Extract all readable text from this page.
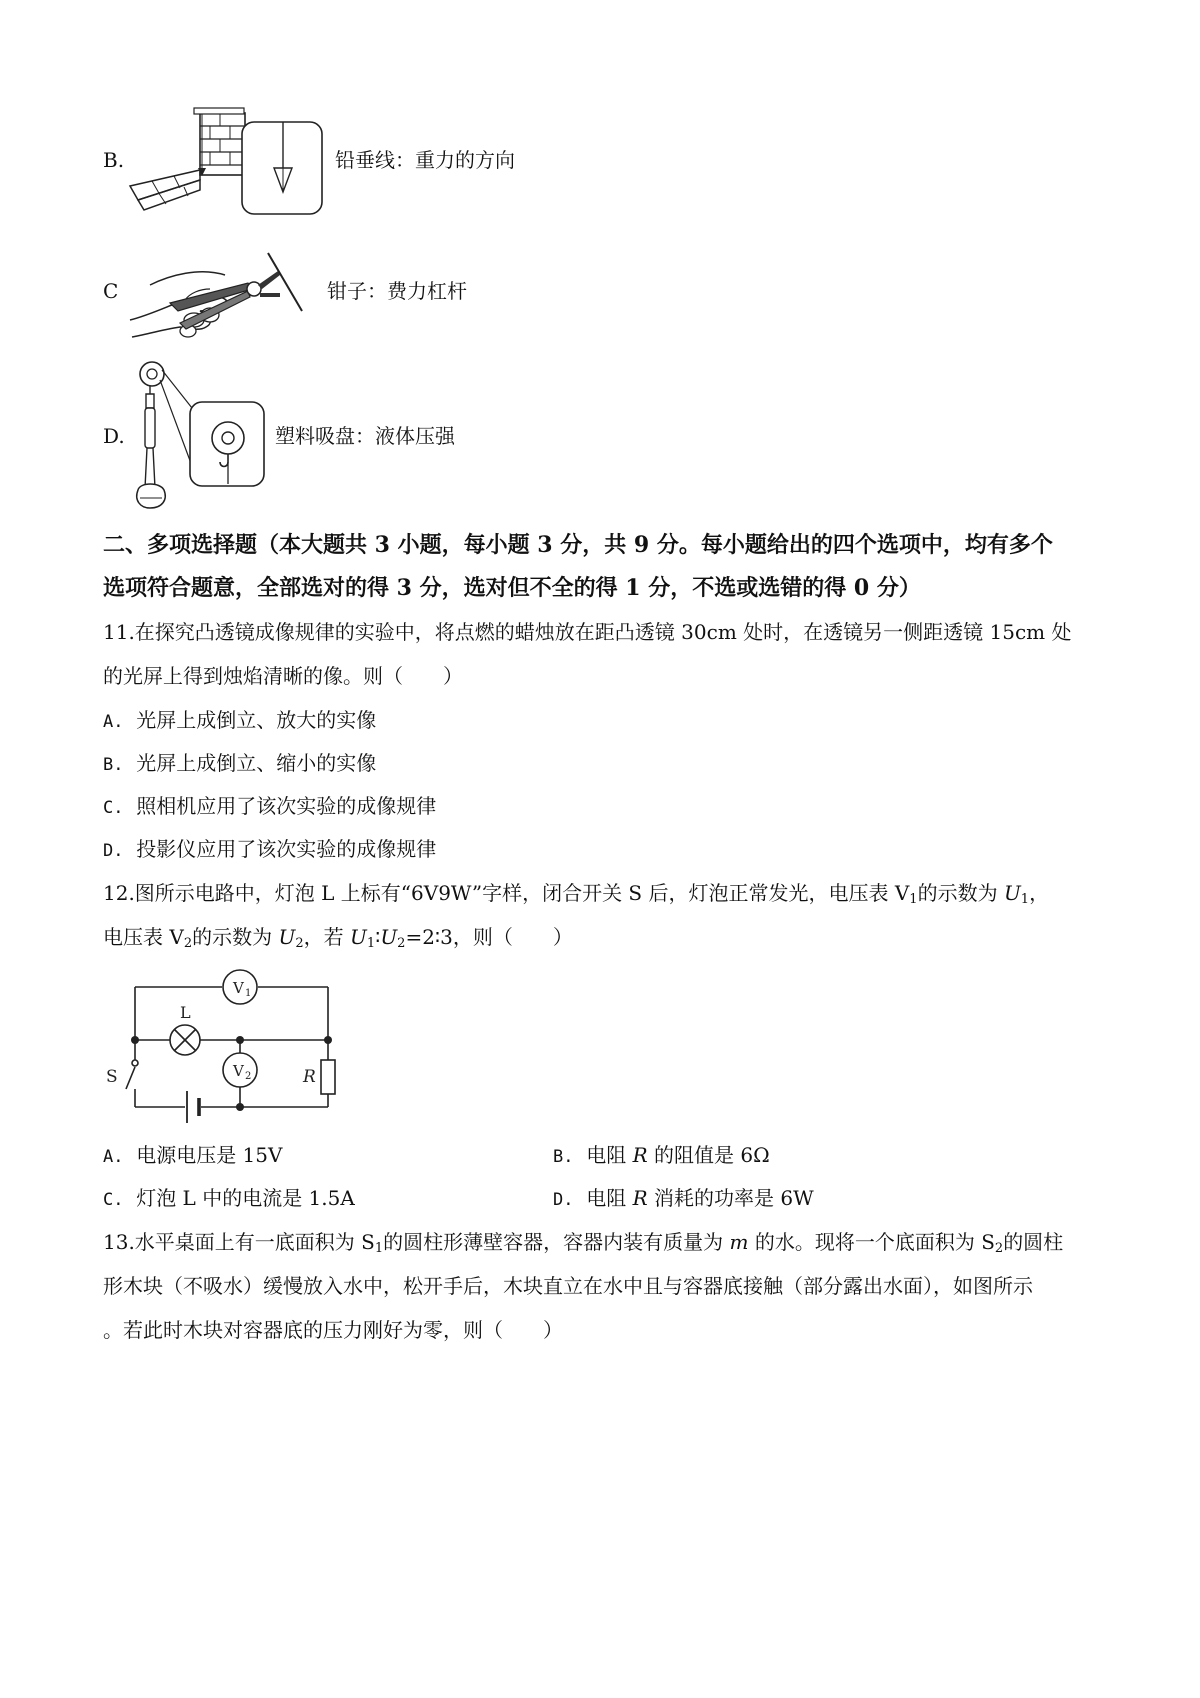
B.	铅垂线：重力的方向
C	钳子：费力杠杆
D.	塑料吸盘：液体压强
二、多项选择题（本大题共 3 小题，每小题 3 分，共 9 分。每小题给出的四个选项中，均有多个
选项符合题意，全部选对的得 3 分，选对但不全的得 1 分，不选或选错的得 0 分）
11.在探究凸透镜成像规律的实验中，将点燃的蜡烛放在距凸透镜 30cm 处时，在透镜另一侧距透镜 15cm 处
的光屏上得到烛焰清晰的像。则（　　）
A. 光屏上成倒立、放大的实像
B. 光屏上成倒立、缩小的实像
C. 照相机应用了该次实验的成像规律
D. 投影仪应用了该次实验的成像规律
12.图所示电路中，灯泡 L 上标有“6V9W”字样，闭合开关 S 后，灯泡正常发光，电压表 $V_1$的示数为 $U_1$，
电压表 $V_2$的示数为 $U_2$，若 $U_1∶U_2=2∶3$，则（　　）
V 1
V 2
L
S	R
A. 电源电压是 15V	B. 电阻 R 的阻值是 6Ω
C. 灯泡 L 中的电流是 1.5A	D. 电阻 R 消耗的功率是 6W
13.水平桌面上有一底面积为 $S_1$的圆柱形薄壁容器，容器内装有质量为 m 的水。现将一个底面积为 $S_2$的圆柱
形木块（不吸水）缓慢放入水中，松开手后，木块直立在水中且与容器底接触（部分露出水面），如图所示
。若此时木块对容器底的压力刚好为零，则（　　）
